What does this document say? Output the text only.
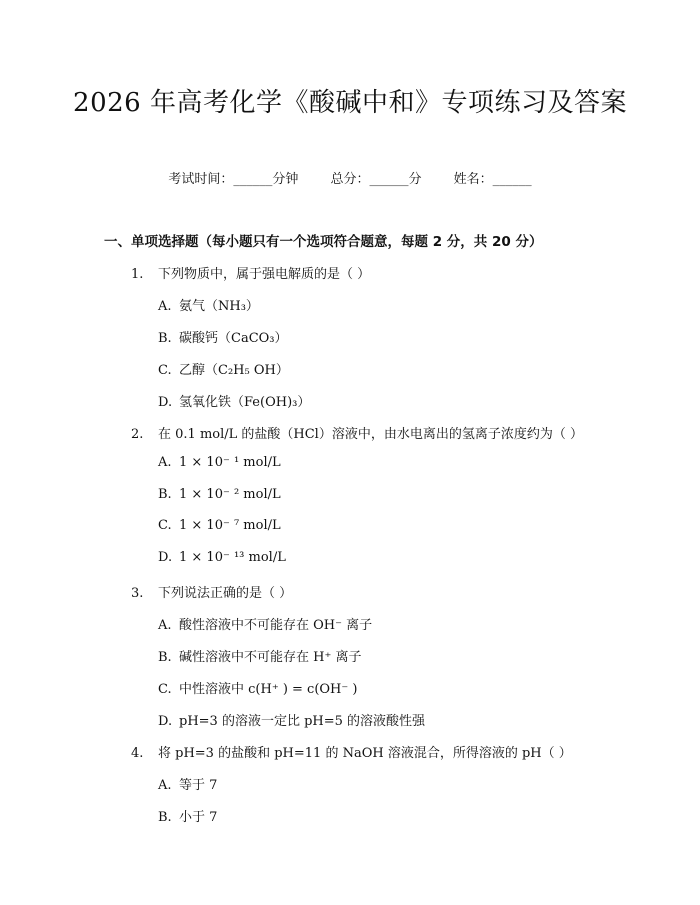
2026 年高考化学《酸碱中和》专项练习及答案
考试时间：______分钟 总分：______分 姓名：______
一、单项选择题（每小题只有一个选项符合题意，每题 2 分，共 20 分）
1. 下列物质中，属于强电解质的是（ ）
A. 氨气（NH₃）
B. 碳酸钙（CaCO₃）
C. 乙醇（C₂H₅ OH）
D. 氢氧化铁（Fe(OH)₃）
2. 在 0.1 mol/L 的盐酸（HCl）溶液中，由水电离出的氢离子浓度约为（ ）
A. 1 × 10⁻ ¹ mol/L
B. 1 × 10⁻ ² mol/L
C. 1 × 10⁻ ⁷ mol/L
D. 1 × 10⁻ ¹³ mol/L
3. 下列说法正确的是（ ）
A. 酸性溶液中不可能存在 OH⁻ 离子
B. 碱性溶液中不可能存在 H⁺ 离子
C. 中性溶液中 c(H⁺ ) = c(OH⁻ )
D. pH=3 的溶液一定比 pH=5 的溶液酸性强
4. 将 pH=3 的盐酸和 pH=11 的 NaOH 溶液混合，所得溶液的 pH（ ）
A. 等于 7
B. 小于 7
